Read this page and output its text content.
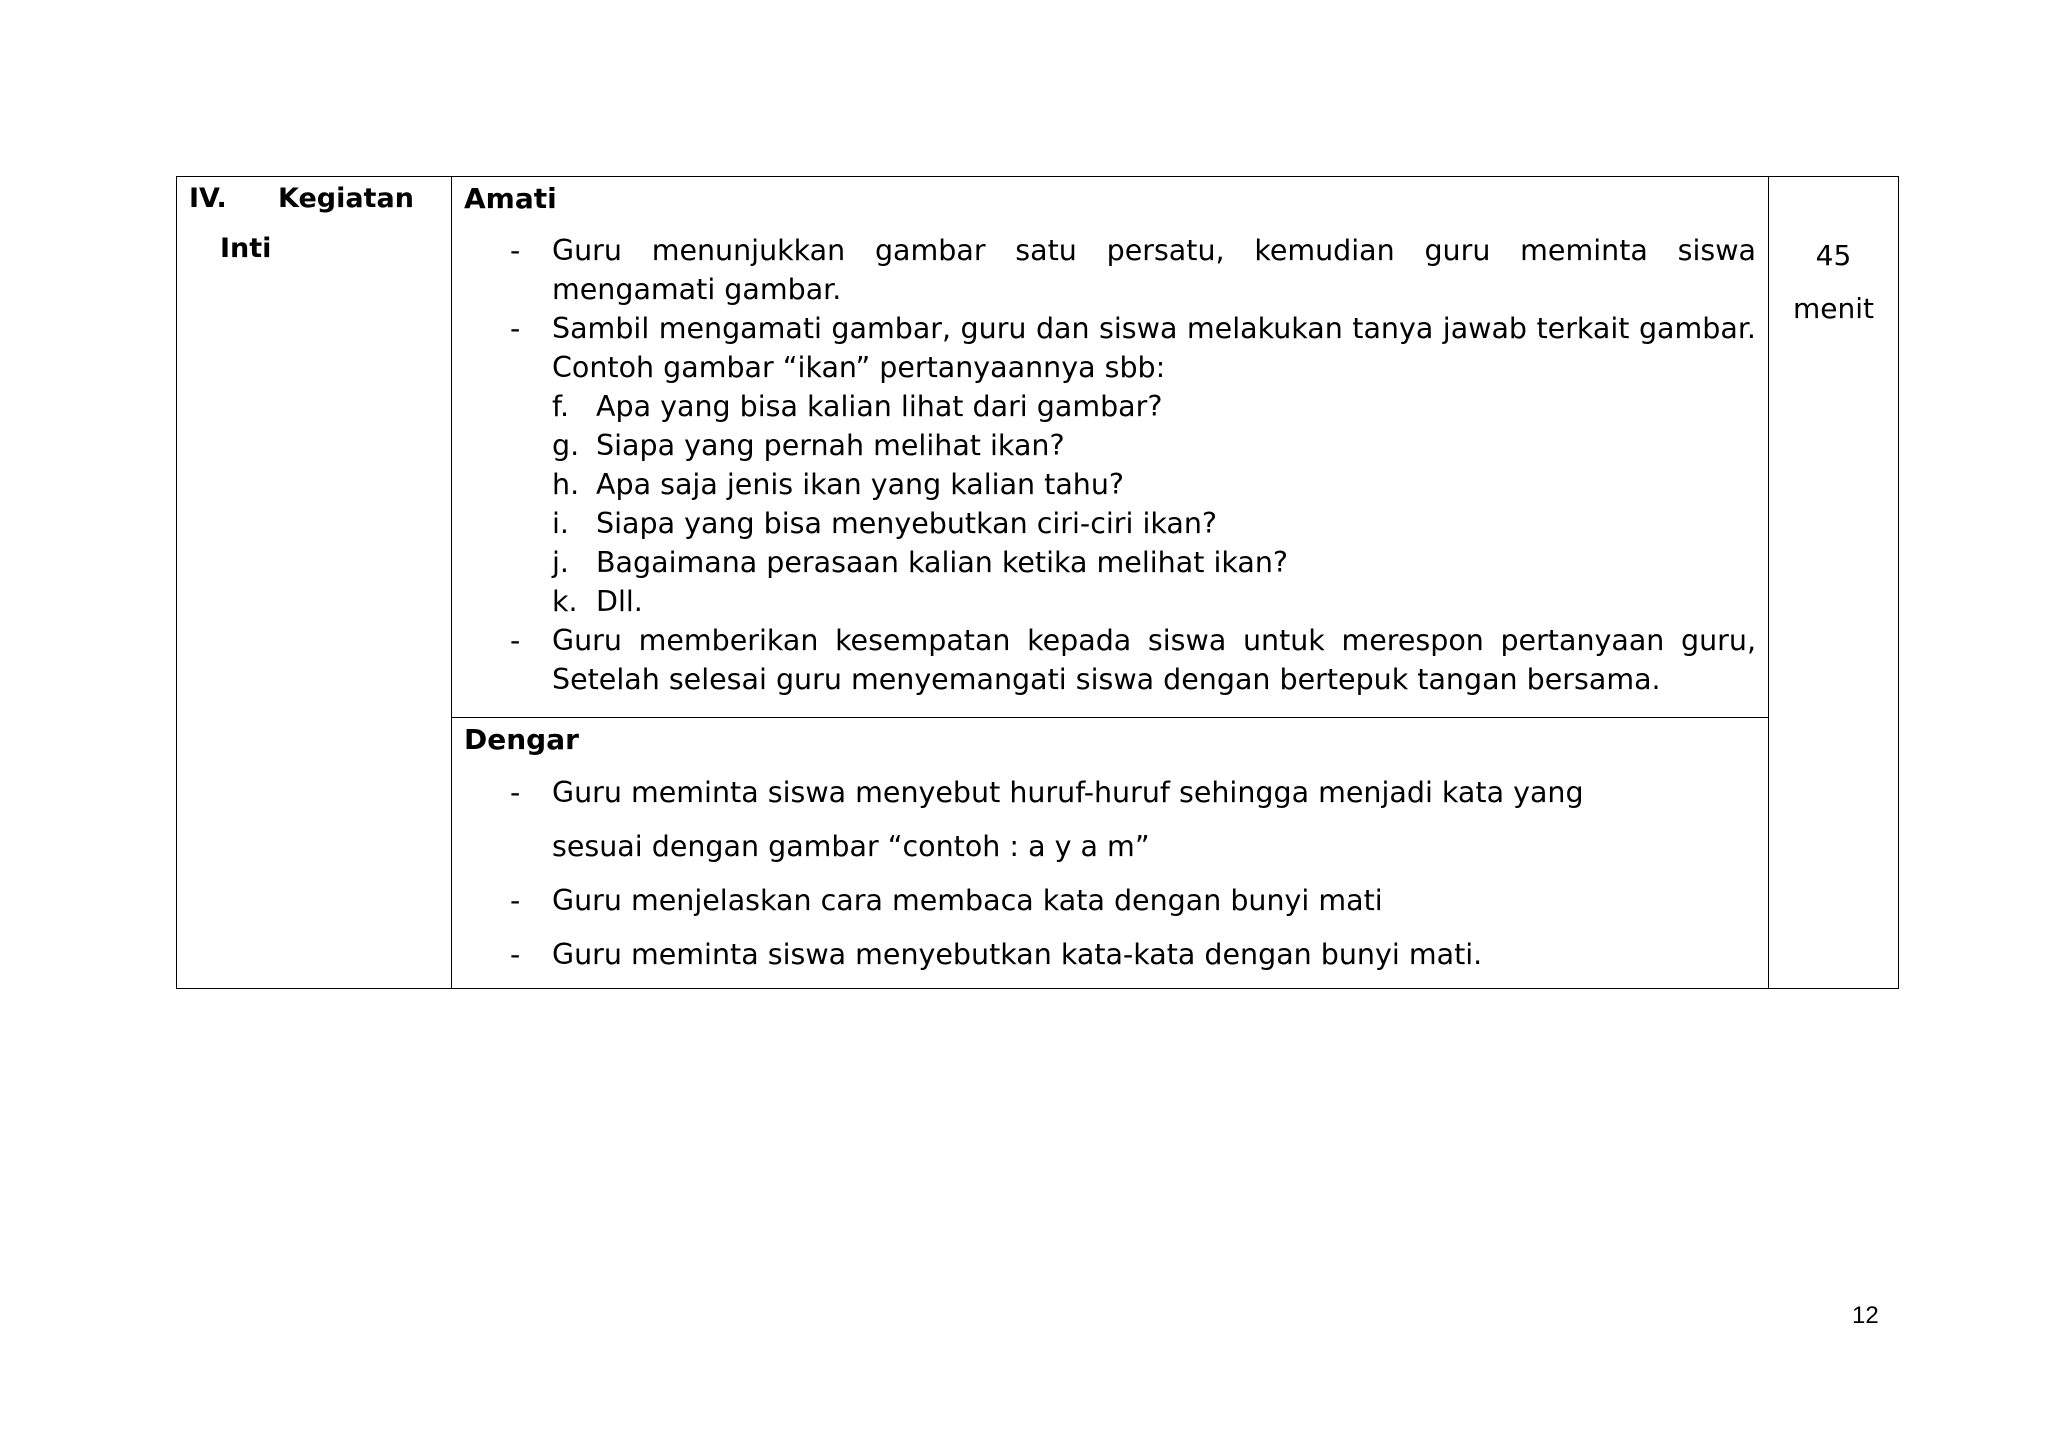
IV. Kegiatan
Inti

Amati
- Guru menunjukkan gambar satu persatu, kemudian guru meminta siswa mengamati gambar.
- Sambil mengamati gambar, guru dan siswa melakukan tanya jawab terkait gambar. Contoh gambar “ikan” pertanyaannya sbb:
f. Apa yang bisa kalian lihat dari gambar?
g. Siapa yang pernah melihat ikan?
h. Apa saja jenis ikan yang kalian tahu?
i. Siapa yang bisa menyebutkan ciri-ciri ikan?
j. Bagaimana perasaan kalian ketika melihat ikan?
k. Dll.
- Guru memberikan kesempatan kepada siswa untuk merespon pertanyaan guru, Setelah selesai guru menyemangati siswa dengan bertepuk tangan bersama.

45
menit

Dengar
- Guru meminta siswa menyebut huruf-huruf sehingga menjadi kata yang sesuai dengan gambar “contoh : a y a m”
- Guru menjelaskan cara membaca kata dengan bunyi mati
- Guru meminta siswa menyebutkan kata-kata dengan bunyi mati.
12
